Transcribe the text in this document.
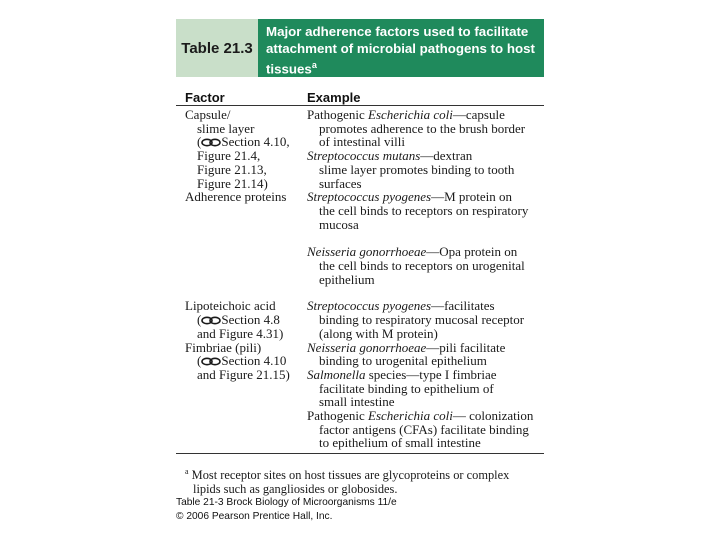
Table 21.3
Major adherence factors used to facilitate
attachment of microbial pathogens to host
tissues$^a$
Factor	Example
Capsule/
slime layer
( Section 4.10,
Figure 21.4,
Figure 21.13,
Figure 21.14)
Pathogenic Escherichia coli—capsule
promotes adherence to the brush border
of intestinal villi
Streptococcus mutans—dextran
slime layer promotes binding to tooth
surfaces
Adherence proteins	Streptococcus pyogenes—M protein on
the cell binds to receptors on respiratory
mucosa
Neisseria gonorrhoeae—Opa protein on
the cell binds to receptors on urogenital
epithelium
Lipoteichoic acid
( Section 4.8
and Figure 4.31)
Streptococcus pyogenes—facilitates
binding to respiratory mucosal receptor
(along with M protein)
Fimbriae (pili)
( Section 4.10
and Figure 21.15)
Neisseria gonorrhoeae—pili facilitate
binding to urogenital epithelium
Salmonella species—type I fimbriae
facilitate binding to epithelium of
small intestine
Pathogenic Escherichia coli— colonization
factor antigens (CFAs) facilitate binding
to epithelium of small intestine
$^a$ Most receptor sites on host tissues are glycoproteins or complex
lipids such as gangliosides or globosides.
Table 21-3 Brock Biology of Microorganisms 11/e
© 2006 Pearson Prentice Hall, Inc.
